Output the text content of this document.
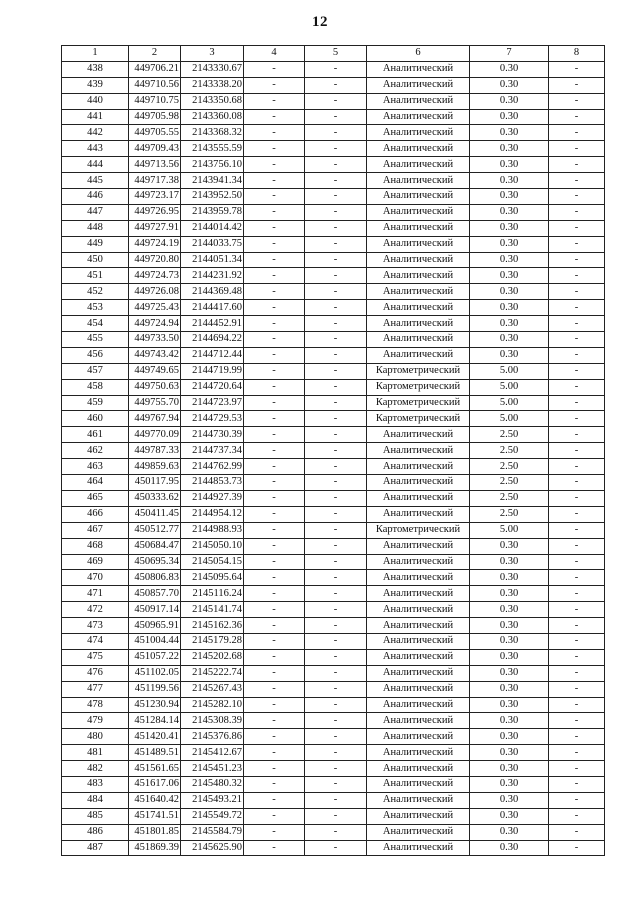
12
1	2	3	4	5	6	7	8
438	449706.21	2143330.67	-	-	Аналитический	0.30	-
439	449710.56	2143338.20	-	-	Аналитический	0.30	-
440	449710.75	2143350.68	-	-	Аналитический	0.30	-
441	449705.98	2143360.08	-	-	Аналитический	0.30	-
442	449705.55	2143368.32	-	-	Аналитический	0.30	-
443	449709.43	2143555.59	-	-	Аналитический	0.30	-
444	449713.56	2143756.10	-	-	Аналитический	0.30	-
445	449717.38	2143941.34	-	-	Аналитический	0.30	-
446	449723.17	2143952.50	-	-	Аналитический	0.30	-
447	449726.95	2143959.78	-	-	Аналитический	0.30	-
448	449727.91	2144014.42	-	-	Аналитический	0.30	-
449	449724.19	2144033.75	-	-	Аналитический	0.30	-
450	449720.80	2144051.34	-	-	Аналитический	0.30	-
451	449724.73	2144231.92	-	-	Аналитический	0.30	-
452	449726.08	2144369.48	-	-	Аналитический	0.30	-
453	449725.43	2144417.60	-	-	Аналитический	0.30	-
454	449724.94	2144452.91	-	-	Аналитический	0.30	-
455	449733.50	2144694.22	-	-	Аналитический	0.30	-
456	449743.42	2144712.44	-	-	Аналитический	0.30	-
457	449749.65	2144719.99	-	-	Картометрический	5.00	-
458	449750.63	2144720.64	-	-	Картометрический	5.00	-
459	449755.70	2144723.97	-	-	Картометрический	5.00	-
460	449767.94	2144729.53	-	-	Картометрический	5.00	-
461	449770.09	2144730.39	-	-	Аналитический	2.50	-
462	449787.33	2144737.34	-	-	Аналитический	2.50	-
463	449859.63	2144762.99	-	-	Аналитический	2.50	-
464	450117.95	2144853.73	-	-	Аналитический	2.50	-
465	450333.62	2144927.39	-	-	Аналитический	2.50	-
466	450411.45	2144954.12	-	-	Аналитический	2.50	-
467	450512.77	2144988.93	-	-	Картометрический	5.00	-
468	450684.47	2145050.10	-	-	Аналитический	0.30	-
469	450695.34	2145054.15	-	-	Аналитический	0.30	-
470	450806.83	2145095.64	-	-	Аналитический	0.30	-
471	450857.70	2145116.24	-	-	Аналитический	0.30	-
472	450917.14	2145141.74	-	-	Аналитический	0.30	-
473	450965.91	2145162.36	-	-	Аналитический	0.30	-
474	451004.44	2145179.28	-	-	Аналитический	0.30	-
475	451057.22	2145202.68	-	-	Аналитический	0.30	-
476	451102.05	2145222.74	-	-	Аналитический	0.30	-
477	451199.56	2145267.43	-	-	Аналитический	0.30	-
478	451230.94	2145282.10	-	-	Аналитический	0.30	-
479	451284.14	2145308.39	-	-	Аналитический	0.30	-
480	451420.41	2145376.86	-	-	Аналитический	0.30	-
481	451489.51	2145412.67	-	-	Аналитический	0.30	-
482	451561.65	2145451.23	-	-	Аналитический	0.30	-
483	451617.06	2145480.32	-	-	Аналитический	0.30	-
484	451640.42	2145493.21	-	-	Аналитический	0.30	-
485	451741.51	2145549.72	-	-	Аналитический	0.30	-
486	451801.85	2145584.79	-	-	Аналитический	0.30	-
487	451869.39	2145625.90	-	-	Аналитический	0.30	-
